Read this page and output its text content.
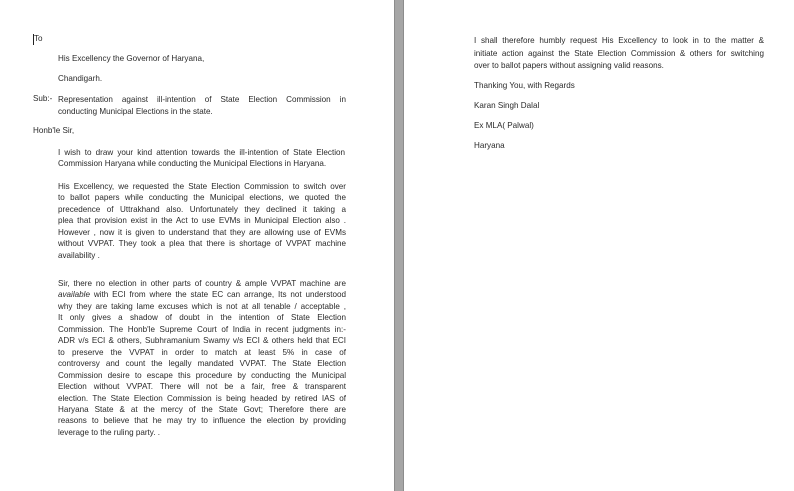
To
His Excellency the Governor of Haryana,
Chandigarh.
Sub:- Representation against ill-intention of State Election Commission in
conducting Municipal Elections in the state.
Honb'le Sir,
I wish to draw your kind attention towards the ill-intention of State Election
Commission Haryana while conducting the Municipal Elections in Haryana.
His Excellency, we requested the State Election Commission to switch over
to ballot papers while conducting the Municipal elections, we quoted the
precedence of Uttrakhand also. Unfortunately they declined it taking a
plea that provision exist in the Act to use EVMs in Municipal Election also .
However , now it is given to understand that they are allowing use of EVMs
without VVPAT. They took a plea that there is shortage of VVPAT machine
availability .
Sir, there no election in other parts of country & ample VVPAT machine are
available with ECI from where the state EC can arrange, Its not understood
why they are taking lame excuses which is not at all tenable / acceptable ,
It only gives a shadow of doubt in the intention of State Election
Commission. The Honb'le Supreme Court of India in recent judgments in:-
ADR v/s ECI & others, Subhramanium Swamy v/s ECI & others held that ECI
to preserve the VVPAT in order to match at least 5% in case of
controversy and count the legally mandated VVPAT. The State Election
Commission desire to escape this procedure by conducting the Municipal
Election without VVPAT. There will not be a fair, free & transparent
election. The State Election Commission is being headed by retired IAS of
Haryana State & at the mercy of the State Govt; Therefore there are
reasons to believe that he may try to influence the election by providing
leverage to the ruling party. .
I shall therefore humbly request His Excellency to look in to the matter &
initiate action against the State Election Commission & others for switching
over to ballot papers without assigning valid reasons.
Thanking You, with Regards
Karan Singh Dalal
Ex MLA( Palwal)
Haryana
